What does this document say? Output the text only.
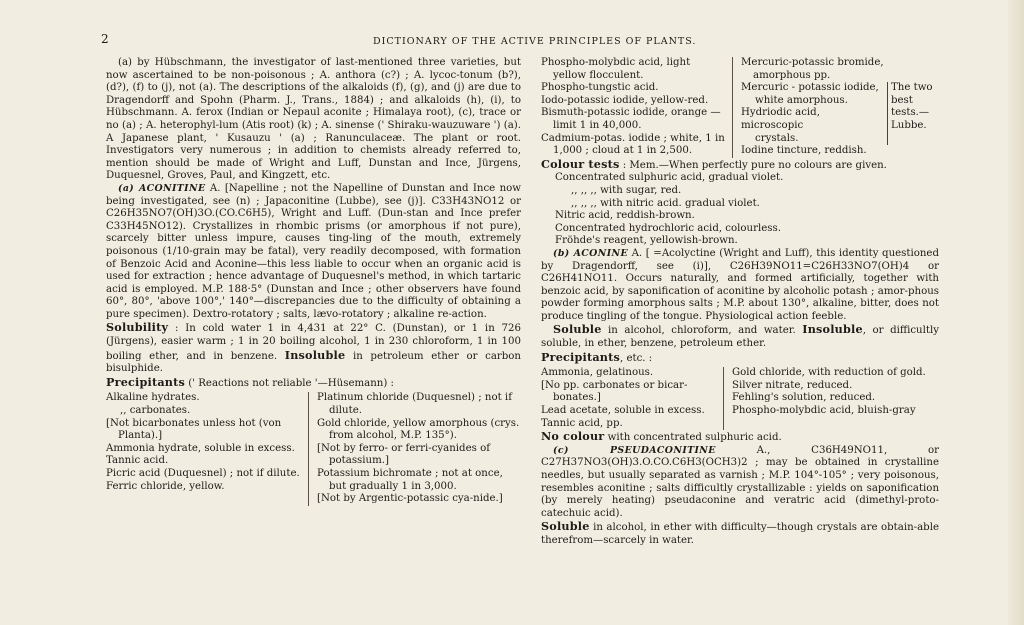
2	DICTIONARY OF THE ACTIVE PRINCIPLES OF PLANTS.

(a) by Hübschmann, the investigator of last-mentioned three varieties, but now ascertained to be non-poisonous ; A. anthora (c?) ; A. lycoc-tonum (b?), (d?), (f) to (j), not (a). The descriptions of the alkaloids (f), (g), and (j) are due to Dragendorff and Spohn (Pharm. J., Trans., 1884) ; and alkaloids (h), (i), to Hübschmann. A. ferox (Indian or Nepaul aconite ; Himalaya root), (c), trace or no (a) ; A. heterophyl-lum (Atis root) (k) ; A. sinense (' Shiraku-wauzuware ') (a). A Japanese plant, ' Kusauzu ' (a) ; Ranunculaceæ. The plant or root. Investigators very numerous ; in addition to chemists already referred to, mention should be made of Wright and Luff, Dunstan and Ince, Jürgens, Duquesnel, Groves, Paul, and Kingzett, etc.

(a) ACONITINE A. [Napelline ; not the Napelline of Dunstan and Ince now being investigated, see (n) ; Japaconitine (Lubbe), see (j)]. C33H43NO12 or C26H35NO7(OH)3O.(CO.C6H5), Wright and Luff. (Dun-stan and Ince prefer C33H45NO12). Crystallizes in rhombic prisms (or amorphous if not pure), scarcely bitter unless impure, causes ting-ling of the mouth, extremely poisonous (1/10-grain may be fatal), very readily decomposed, with formation of Benzoic Acid and Aconine—this less liable to occur when an organic acid is used for extraction ; hence advantage of Duquesnel's method, in which tartaric acid is employed. M.P. 188·5° (Dunstan and Ince ; other observers have found 60°, 80°, 'above 100°,' 140°—discrepancies due to the difficulty of obtaining a pure specimen). Dextro-rotatory ; salts, lævo-rotatory ; alkaline re-action.

Solubility : In cold water 1 in 4,431 at 22° C. (Dunstan), or 1 in 726 (Jürgens), easier warm ; 1 in 20 boiling alcohol, 1 in 230 chloroform, 1 in 100 boiling ether, and in benzene. Insoluble in petroleum ether or carbon bisulphide.

Precipitants (' Reactions not reliable '—Hüsemann) :

Alkaline hydrates.
,, carbonates.
[Not bicarbonates unless hot (von Planta).]
Ammonia hydrate, soluble in excess.
Tannic acid.
Picric acid (Duquesnel) ; not if dilute.
Ferric chloride, yellow.
Platinum chloride (Duquesnel) ; not if dilute.
Gold chloride, yellow amorphous (crys. from alcohol, M.P. 135°).
[Not by ferro- or ferri-cyanides of potassium.]
Potassium bichromate ; not at once, but gradually 1 in 3,000.
[Not by Argentic-potassic cya-nide.]
Phospho-molybdic acid, light yellow flocculent.
Phospho-tungstic acid.
Iodo-potassic iodide, yellow-red.
Bismuth-potassic iodide, orange —limit 1 in 40,000.
Cadmium-potas. iodide ; white, 1 in 1,000 ; cloud at 1 in 2,500.
Mercuric-potassic bromide, amorphous pp.
Mercuric - potassic iodide,
white amorphous.
Hydriodic acid, microscopic
crystals.
The two best tests.— Lubbe.
Iodine tincture, reddish.
Colour tests : Mem.—When perfectly pure no colours are given.
Concentrated sulphuric acid, gradual violet.
,, ,, ,, with sugar, red.
,, ,, ,, with nitric acid. gradual violet.
Nitric acid, reddish-brown.
Concentrated hydrochloric acid, colourless.
Fröhde's reagent, yellowish-brown.

(b) ACONINE A. [ =Acolyctine (Wright and Luff), this identity questioned by Dragendorff, see (i)], C26H39NO11=C26H33NO7(OH)4 or C26H41NO11. Occurs naturally, and formed artificially, together with benzoic acid, by saponification of aconitine by alcoholic potash ; amor-phous powder forming amorphous salts ; M.P. about 130°, alkaline, bitter, does not produce tingling of the tongue. Physiological action feeble.

Soluble in alcohol, chloroform, and water. Insoluble, or difficultly soluble, in ether, benzene, petroleum ether.

Precipitants, etc. :

Ammonia, gelatinous.
[No pp. carbonates or bicar-bonates.]
Lead acetate, soluble in excess.
Tannic acid, pp.
Gold chloride, with reduction of gold.
Silver nitrate, reduced.
Fehling's solution, reduced.
Phospho-molybdic acid, bluish-gray

No colour with concentrated sulphuric acid.

(c) PSEUDACONITINE	A., C36H49NO11, or C27H37NO3(OH)3.O.CO.C6H3(OCH3)2 ; may be obtained in crystalline needles, but usually separated as varnish ; M.P. 104°-105° ; very poisonous, resembles aconitine ; salts difficultly crystallizable : yields on saponification (by merely heating) pseudaconine and veratric acid (dimethyl-proto-catechuic acid).

Soluble in alcohol, in ether with difficulty—though crystals are obtain-able therefrom—scarcely in water.
